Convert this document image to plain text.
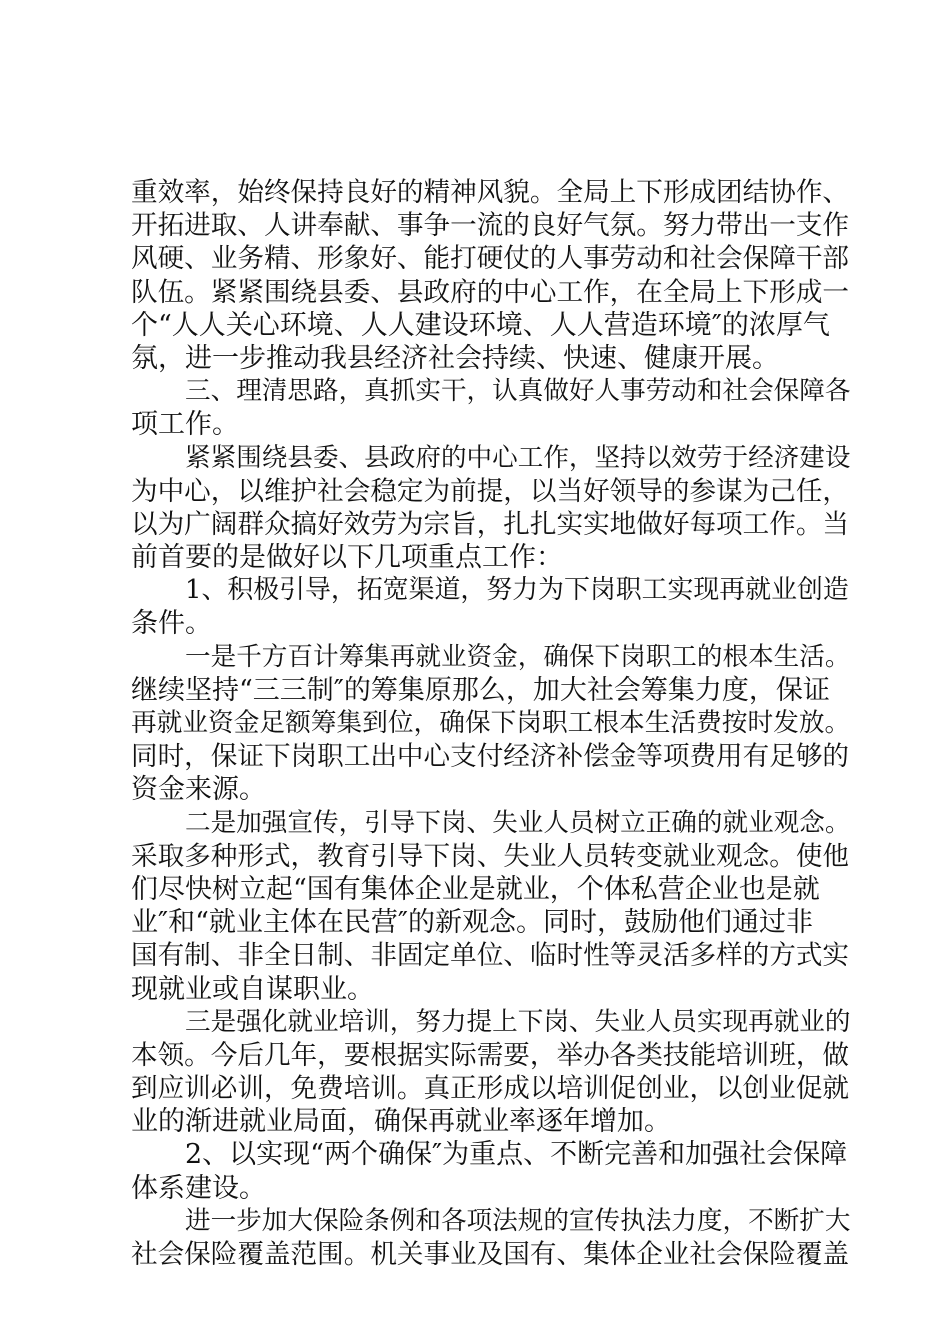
重效率，始终保持良好的精神风貌。全局上下形成团结协作、
开拓进取、人讲奉献、事争一流的良好气氛。努力带出一支作
风硬、业务精、形象好、能打硬仗的人事劳动和社会保障干部
队伍。紧紧围绕县委、县政府的中心工作，在全局上下形成一
个“人人关心环境、人人建设环境、人人营造环境″的浓厚气
氛，进一步推动我县经济社会持续、快速、健康开展。
三、理清思路，真抓实干，认真做好人事劳动和社会保障各
项工作。
紧紧围绕县委、县政府的中心工作，坚持以效劳于经济建设
为中心，以维护社会稳定为前提，以当好领导的参谋为己任，
以为广阔群众搞好效劳为宗旨，扎扎实实地做好每项工作。当
前首要的是做好以下几项重点工作：
1、积极引导，拓宽渠道，努力为下岗职工实现再就业创造
条件。
一是千方百计筹集再就业资金，确保下岗职工的根本生活。
继续坚持“三三制″的筹集原那么，加大社会筹集力度，保证
再就业资金足额筹集到位，确保下岗职工根本生活费按时发放。
同时，保证下岗职工出中心支付经济补偿金等项费用有足够的
资金来源。
二是加强宣传，引导下岗、失业人员树立正确的就业观念。
采取多种形式，教育引导下岗、失业人员转变就业观念。使他
们尽快树立起“国有集体企业是就业，个体私营企业也是就
业″和“就业主体在民营″的新观念。同时，鼓励他们通过非
国有制、非全日制、非固定单位、临时性等灵活多样的方式实
现就业或自谋职业。
三是强化就业培训，努力提上下岗、失业人员实现再就业的
本领。今后几年，要根据实际需要，举办各类技能培训班，做
到应训必训，免费培训。真正形成以培训促创业，以创业促就
业的渐进就业局面，确保再就业率逐年增加。
2、以实现“两个确保″为重点、不断完善和加强社会保障
体系建设。
进一步加大保险条例和各项法规的宣传执法力度，不断扩大
社会保险覆盖范围。机关事业及国有、集体企业社会保险覆盖
